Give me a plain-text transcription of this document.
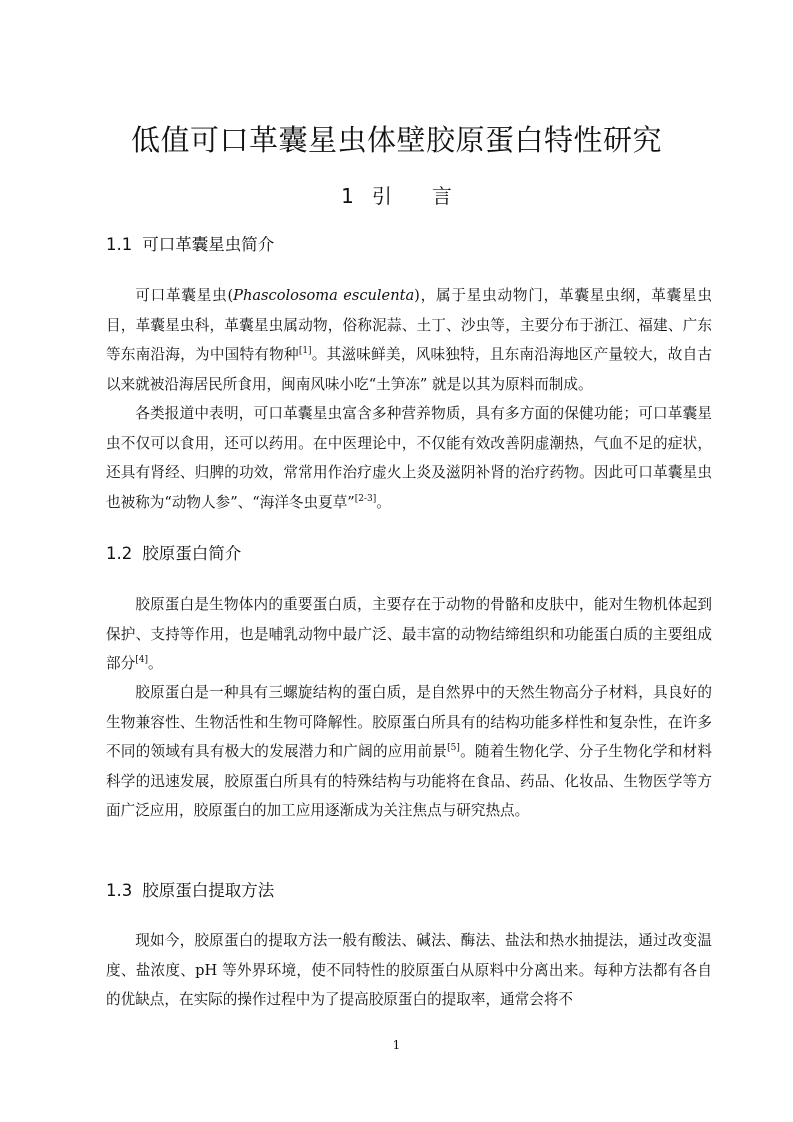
低值可口革囊星虫体壁胶原蛋白特性研究
1 引 言
1.1 可口革囊星虫简介

可口革囊星虫(Phascolosoma esculenta)，属于星虫动物门，革囊星虫纲，革囊星虫目，革囊星虫科，革囊星虫属动物，俗称泥蒜、土丁、沙虫等，主要分布于浙江、福建、广东等东南沿海，为中国特有物种[1]。其滋味鲜美，风味独特，且东南沿海地区产量较大，故自古以来就被沿海居民所食用，闽南风味小吃“土笋冻” 就是以其为原料而制成。

各类报道中表明，可口革囊星虫富含多种营养物质，具有多方面的保健功能；可口革囊星虫不仅可以食用，还可以药用。在中医理论中，不仅能有效改善阴虚潮热，气血不足的症状，还具有肾经、归脾的功效，常常用作治疗虚火上炎及滋阴补肾的治疗药物。因此可口革囊星虫也被称为“动物人参”、“海洋冬虫夏草”[2-3]。

1.2 胶原蛋白简介

胶原蛋白是生物体内的重要蛋白质，主要存在于动物的骨骼和皮肤中，能对生物机体起到保护、支持等作用，也是哺乳动物中最广泛、最丰富的动物结缔组织和功能蛋白质的主要组成部分[4]。

胶原蛋白是一种具有三螺旋结构的蛋白质，是自然界中的天然生物高分子材料，具良好的生物兼容性、生物活性和生物可降解性。胶原蛋白所具有的结构功能多样性和复杂性，在许多不同的领域有具有极大的发展潜力和广阔的应用前景[5]。随着生物化学、分子生物化学和材料科学的迅速发展，胶原蛋白所具有的特殊结构与功能将在食品、药品、化妆品、生物医学等方面广泛应用，胶原蛋白的加工应用逐渐成为关注焦点与研究热点。

1.3 胶原蛋白提取方法

现如今，胶原蛋白的提取方法一般有酸法、碱法、酶法、盐法和热水抽提法，通过改变温度、盐浓度、pH 等外界环境，使不同特性的胶原蛋白从原料中分离出来。每种方法都有各自的优缺点，在实际的操作过程中为了提高胶原蛋白的提取率，通常会将不

1
